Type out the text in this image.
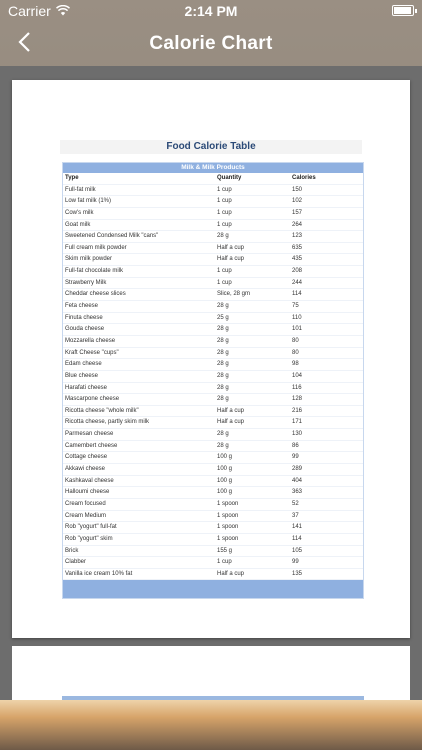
Carrier	2:14 PM
Calorie Chart
Food Calorie Table
Milk & Milk Products
Type	Quantity	Calories
Full-fat milk	1 cup	150
Low fat milk (1%)	1 cup	102
Cow's milk	1 cup	157
Goat milk	1 cup	264
Sweetened Condensed Milk "cans"	28 g	123
Full cream milk powder	Half a cup	635
Skim milk powder	Half a cup	435
Full-fat chocolate milk	1 cup	208
Strawberry Milk	1 cup	244
Cheddar cheese slices	Slice, 28 gm	114
Feta cheese	28 g	75
Finuta cheese	25 g	110
Gouda cheese	28 g	101
Mozzarella cheese	28 g	80
Kraft Cheese "cups"	28 g	80
Edam cheese	28 g	98
Blue cheese	28 g	104
Harafati cheese	28 g	116
Mascarpone cheese	28 g	128
Ricotta cheese "whole milk"	Half a cup	216
Ricotta cheese, partly skim milk	Half a cup	171
Parmesan cheese	28 g	130
Camembert cheese	28 g	86
Cottage cheese	100 g	99
Akkawi cheese	100 g	289
Kashkaval cheese	100 g	404
Halloumi cheese	100 g	363
Cream focused	1 spoon	52
Cream Medium	1 spoon	37
Rob "yogurt" full-fat	1 spoon	141
Rob "yogurt" skim	1 spoon	114
Brick	155 g	105
Clabber	1 cup	99
Vanilla ice cream 10% fat	Half a cup	135
